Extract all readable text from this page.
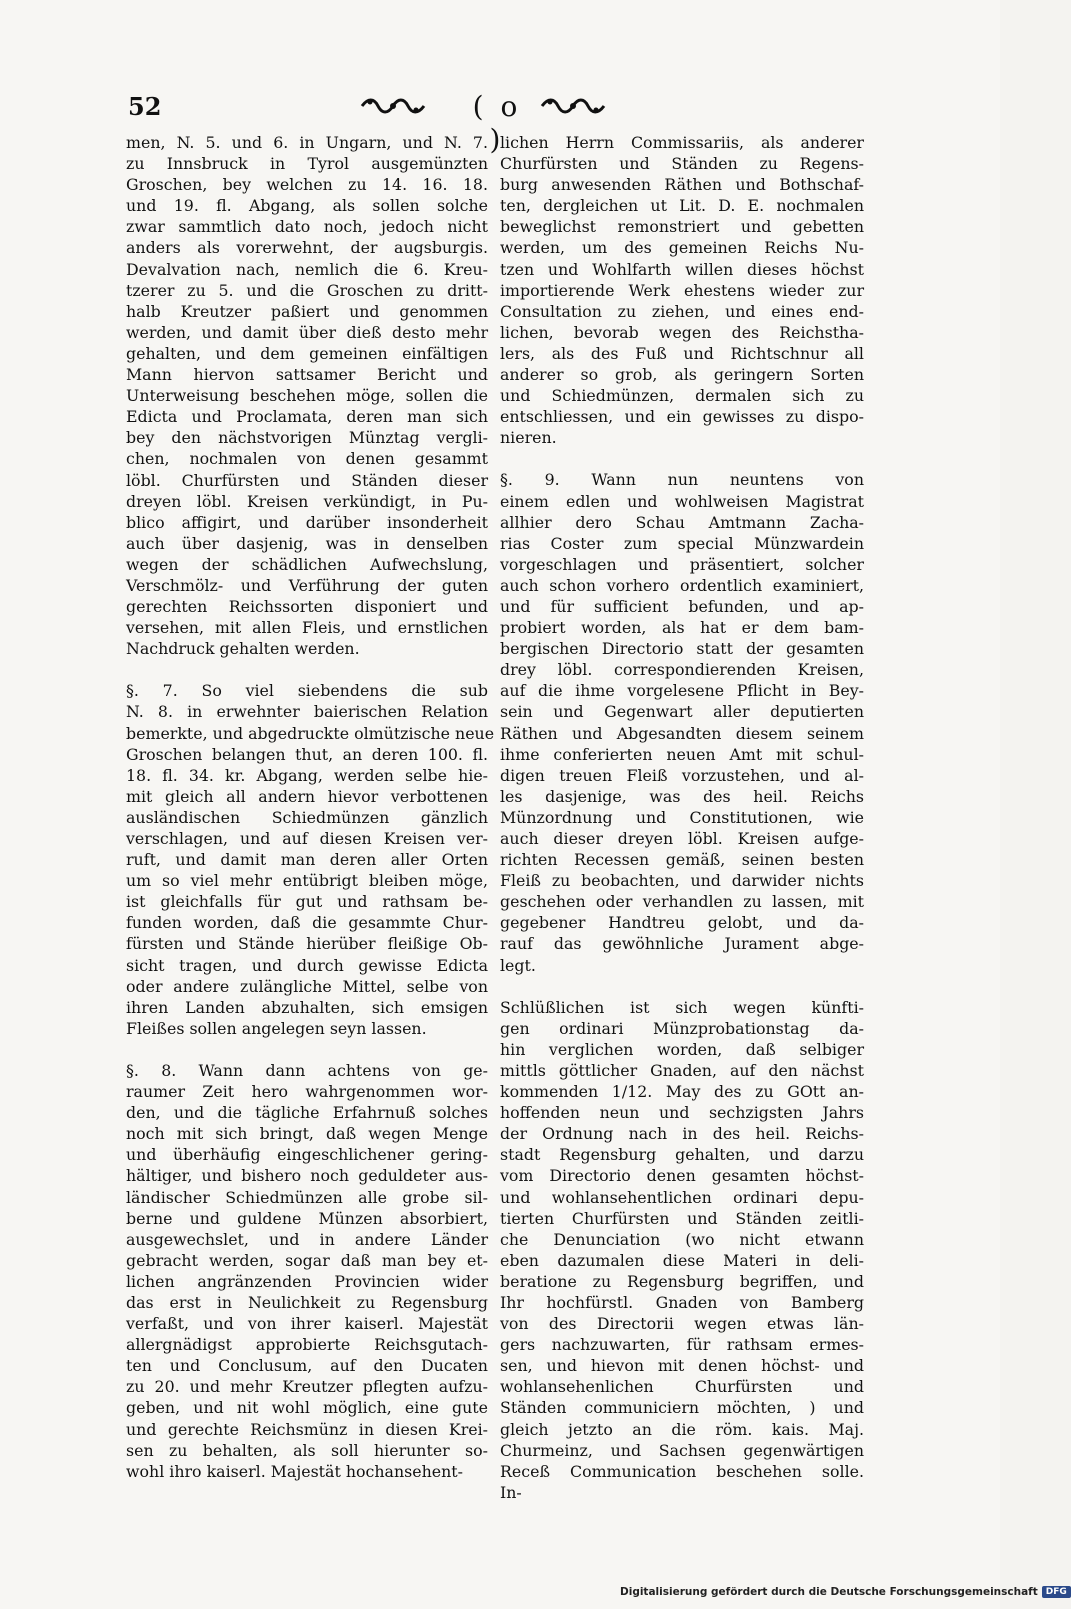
52	( o )

men, N. 5. und 6. in Ungarn, und N. 7.
zu Innsbruck in Tyrol ausgemünzten
Groschen, bey welchen zu 14. 16. 18.
und 19. fl. Abgang, als sollen solche
zwar sammtlich dato noch, jedoch nicht
anders als vorerwehnt, der augsburgis.
Devalvation nach, nemlich die 6. Kreu-
tzerer zu 5. und die Groschen zu dritt-
halb Kreutzer paßiert und genommen
werden, und damit über dieß desto mehr
gehalten, und dem gemeinen einfältigen
Mann hiervon sattsamer Bericht und
Unterweisung beschehen möge, sollen die
Edicta und Proclamata, deren man sich
bey den nächstvorigen Münztag vergli-
chen, nochmalen von denen gesammt
löbl. Churfürsten und Ständen dieser
dreyen löbl. Kreisen verkündigt, in Pu-
blico affigirt, und darüber insonderheit
auch über dasjenig, was in denselben
wegen der schädlichen Aufwechslung,
Verschmölz- und Verführung der guten
gerechten Reichssorten disponiert und
versehen, mit allen Fleis, und ernstlichen
Nachdruck gehalten werden.

§. 7. So viel siebendens die sub
N. 8. in erwehnter baierischen Relation
bemerkte, und abgedruckte olmützische neue
Groschen belangen thut, an deren 100. fl.
18. fl. 34. kr. Abgang, werden selbe hie-
mit gleich all andern hievor verbottenen
ausländischen Schiedmünzen gänzlich
verschlagen, und auf diesen Kreisen ver-
ruft, und damit man deren aller Orten
um so viel mehr entübrigt bleiben möge,
ist gleichfalls für gut und rathsam be-
funden worden, daß die gesammte Chur-
fürsten und Stände hierüber fleißige Ob-
sicht tragen, und durch gewisse Edicta
oder andere zulängliche Mittel, selbe von
ihren Landen abzuhalten, sich emsigen
Fleißes sollen angelegen seyn lassen.

§. 8. Wann dann achtens von ge-
raumer Zeit hero wahrgenommen wor-
den, und die tägliche Erfahrnuß solches
noch mit sich bringt, daß wegen Menge
und überhäufig eingeschlichener gering-
hältiger, und bishero noch geduldeter aus-
ländischer Schiedmünzen alle grobe sil-
berne und guldene Münzen absorbiert,
ausgewechslet, und in andere Länder
gebracht werden, sogar daß man bey et-
lichen angränzenden Provincien wider
das erst in Neulichkeit zu Regensburg
verfaßt, und von ihrer kaiserl. Majestät
allergnädigst approbierte Reichsgutach-
ten und Conclusum, auf den Ducaten
zu 20. und mehr Kreutzer pflegten aufzu-
geben, und nit wohl möglich, eine gute
und gerechte Reichsmünz in diesen Krei-
sen zu behalten, als soll hierunter so-
wohl ihro kaiserl. Majestät hochansehent-

lichen Herrn Commissariis, als anderer
Churfürsten und Ständen zu Regens-
burg anwesenden Räthen und Bothschaf-
ten, dergleichen ut Lit. D. E. nochmalen
beweglichst remonstriert und gebetten
werden, um des gemeinen Reichs Nu-
tzen und Wohlfarth willen dieses höchst
importierende Werk ehestens wieder zur
Consultation zu ziehen, und eines end-
lichen, bevorab wegen des Reichstha-
lers, als des Fuß und Richtschnur all
anderer so grob, als geringern Sorten
und Schiedmünzen, dermalen sich zu
entschliessen, und ein gewisses zu dispo-
nieren.

§. 9. Wann nun neuntens von
einem edlen und wohlweisen Magistrat
allhier dero Schau Amtmann Zacha-
rias Coster zum special Münzwardein
vorgeschlagen und präsentiert, solcher
auch schon vorhero ordentlich examiniert,
und für sufficient befunden, und ap-
probiert worden, als hat er dem bam-
bergischen Directorio statt der gesamten
drey löbl. correspondierenden Kreisen,
auf die ihme vorgelesene Pflicht in Bey-
sein und Gegenwart aller deputierten
Räthen und Abgesandten diesem seinem
ihme conferierten neuen Amt mit schul-
digen treuen Fleiß vorzustehen, und al-
les dasjenige, was des heil. Reichs
Münzordnung und Constitutionen, wie
auch dieser dreyen löbl. Kreisen aufge-
richten Recessen gemäß, seinen besten
Fleiß zu beobachten, und darwider nichts
geschehen oder verhandlen zu lassen, mit
gegebener Handtreu gelobt, und da-
rauf das gewöhnliche Jurament abge-
legt.

Schlüßlichen ist sich wegen künfti-
gen ordinari Münzprobationstag da-
hin verglichen worden, daß selbiger
mittls göttlicher Gnaden, auf den nächst
kommenden 1/12. May des zu GOtt an-
hoffenden neun und sechzigsten Jahrs
der Ordnung nach in des heil. Reichs-
stadt Regensburg gehalten, und darzu
vom Directorio denen gesamten höchst-
und wohlansehentlichen ordinari depu-
tierten Churfürsten und Ständen zeitli-
che Denunciation (wo nicht etwann
eben dazumalen diese Materi in deli-
beratione zu Regensburg begriffen, und
Ihr hochfürstl. Gnaden von Bamberg
von des Directorii wegen etwas län-
gers nachzuwarten, für rathsam ermes-
sen, und hievon mit denen höchst- und
wohlansehenlichen Churfürsten und
Ständen communiciern möchten, ) und
gleich jetzto an die röm. kais. Maj.
Churmeinz, und Sachsen gegenwärtigen
Receß Communication beschehen solle.
In-

Digitalisierung gefördert durch die Deutsche Forschungsgemeinschaft DFG
